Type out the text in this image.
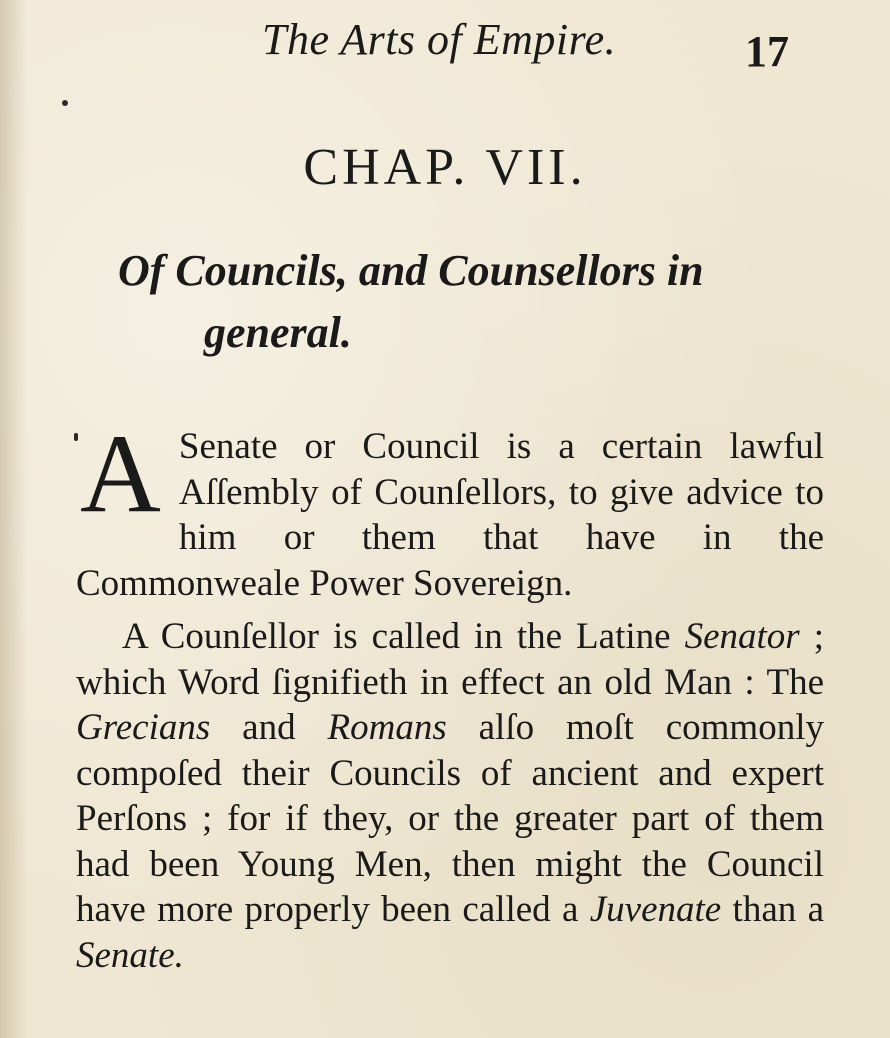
The Arts of Empire.	17
CHAP. VII.
Of Councils, and Counsellors in
general.

A Senate or Council is a certain lawful Aſſembly of Counſellors, to give advice to him or them that have in the Commonweale Power Sovereign.

A Counſellor is called in the Latine Senator ; which Word ſignifieth in effect an old Man : The Grecians and Romans alſo moſt commonly compoſed their Councils of ancient and expert Perſons ; for if they, or the greater part of them had been Young Men, then might the Council have more properly been called a Juvenate than a Senate.
